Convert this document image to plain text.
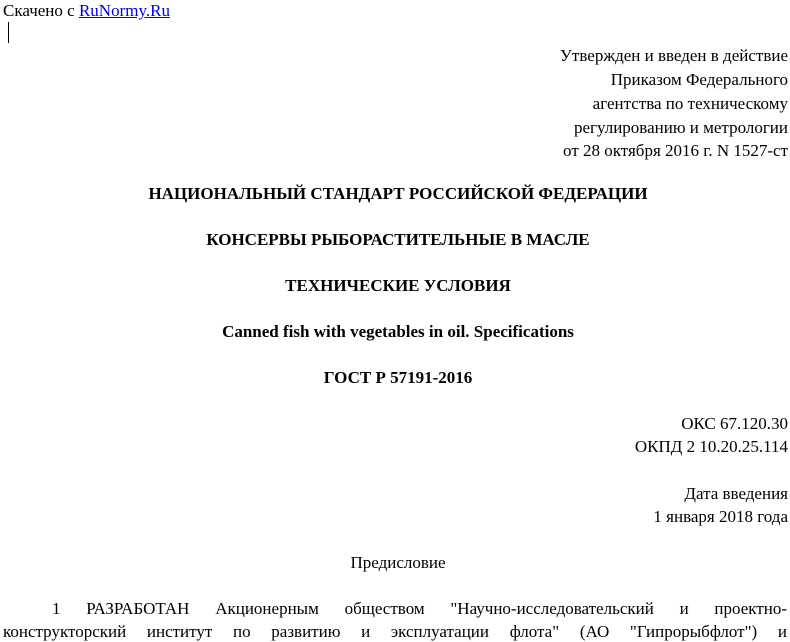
Скачено с RuNormy.Ru
Утвержден и введен в действие
Приказом Федерального
агентства по техническому
регулированию и метрологии
от 28 октября 2016 г. N 1527-ст
НАЦИОНАЛЬНЫЙ СТАНДАРТ РОССИЙСКОЙ ФЕДЕРАЦИИ
КОНСЕРВЫ РЫБОРАСТИТЕЛЬНЫЕ В МАСЛЕ
ТЕХНИЧЕСКИЕ УСЛОВИЯ
Canned fish with vegetables in oil. Specifications
ГОСТ Р 57191-2016
ОКС 67.120.30
ОКПД 2 10.20.25.114
Дата введения
1 января 2018 года
Предисловие
1 РАЗРАБОТАН Акционерным обществом "Научно-исследовательский и проектно-
конструкторский институт по развитию и эксплуатации флота" (АО "Гипрорыбфлот") и
